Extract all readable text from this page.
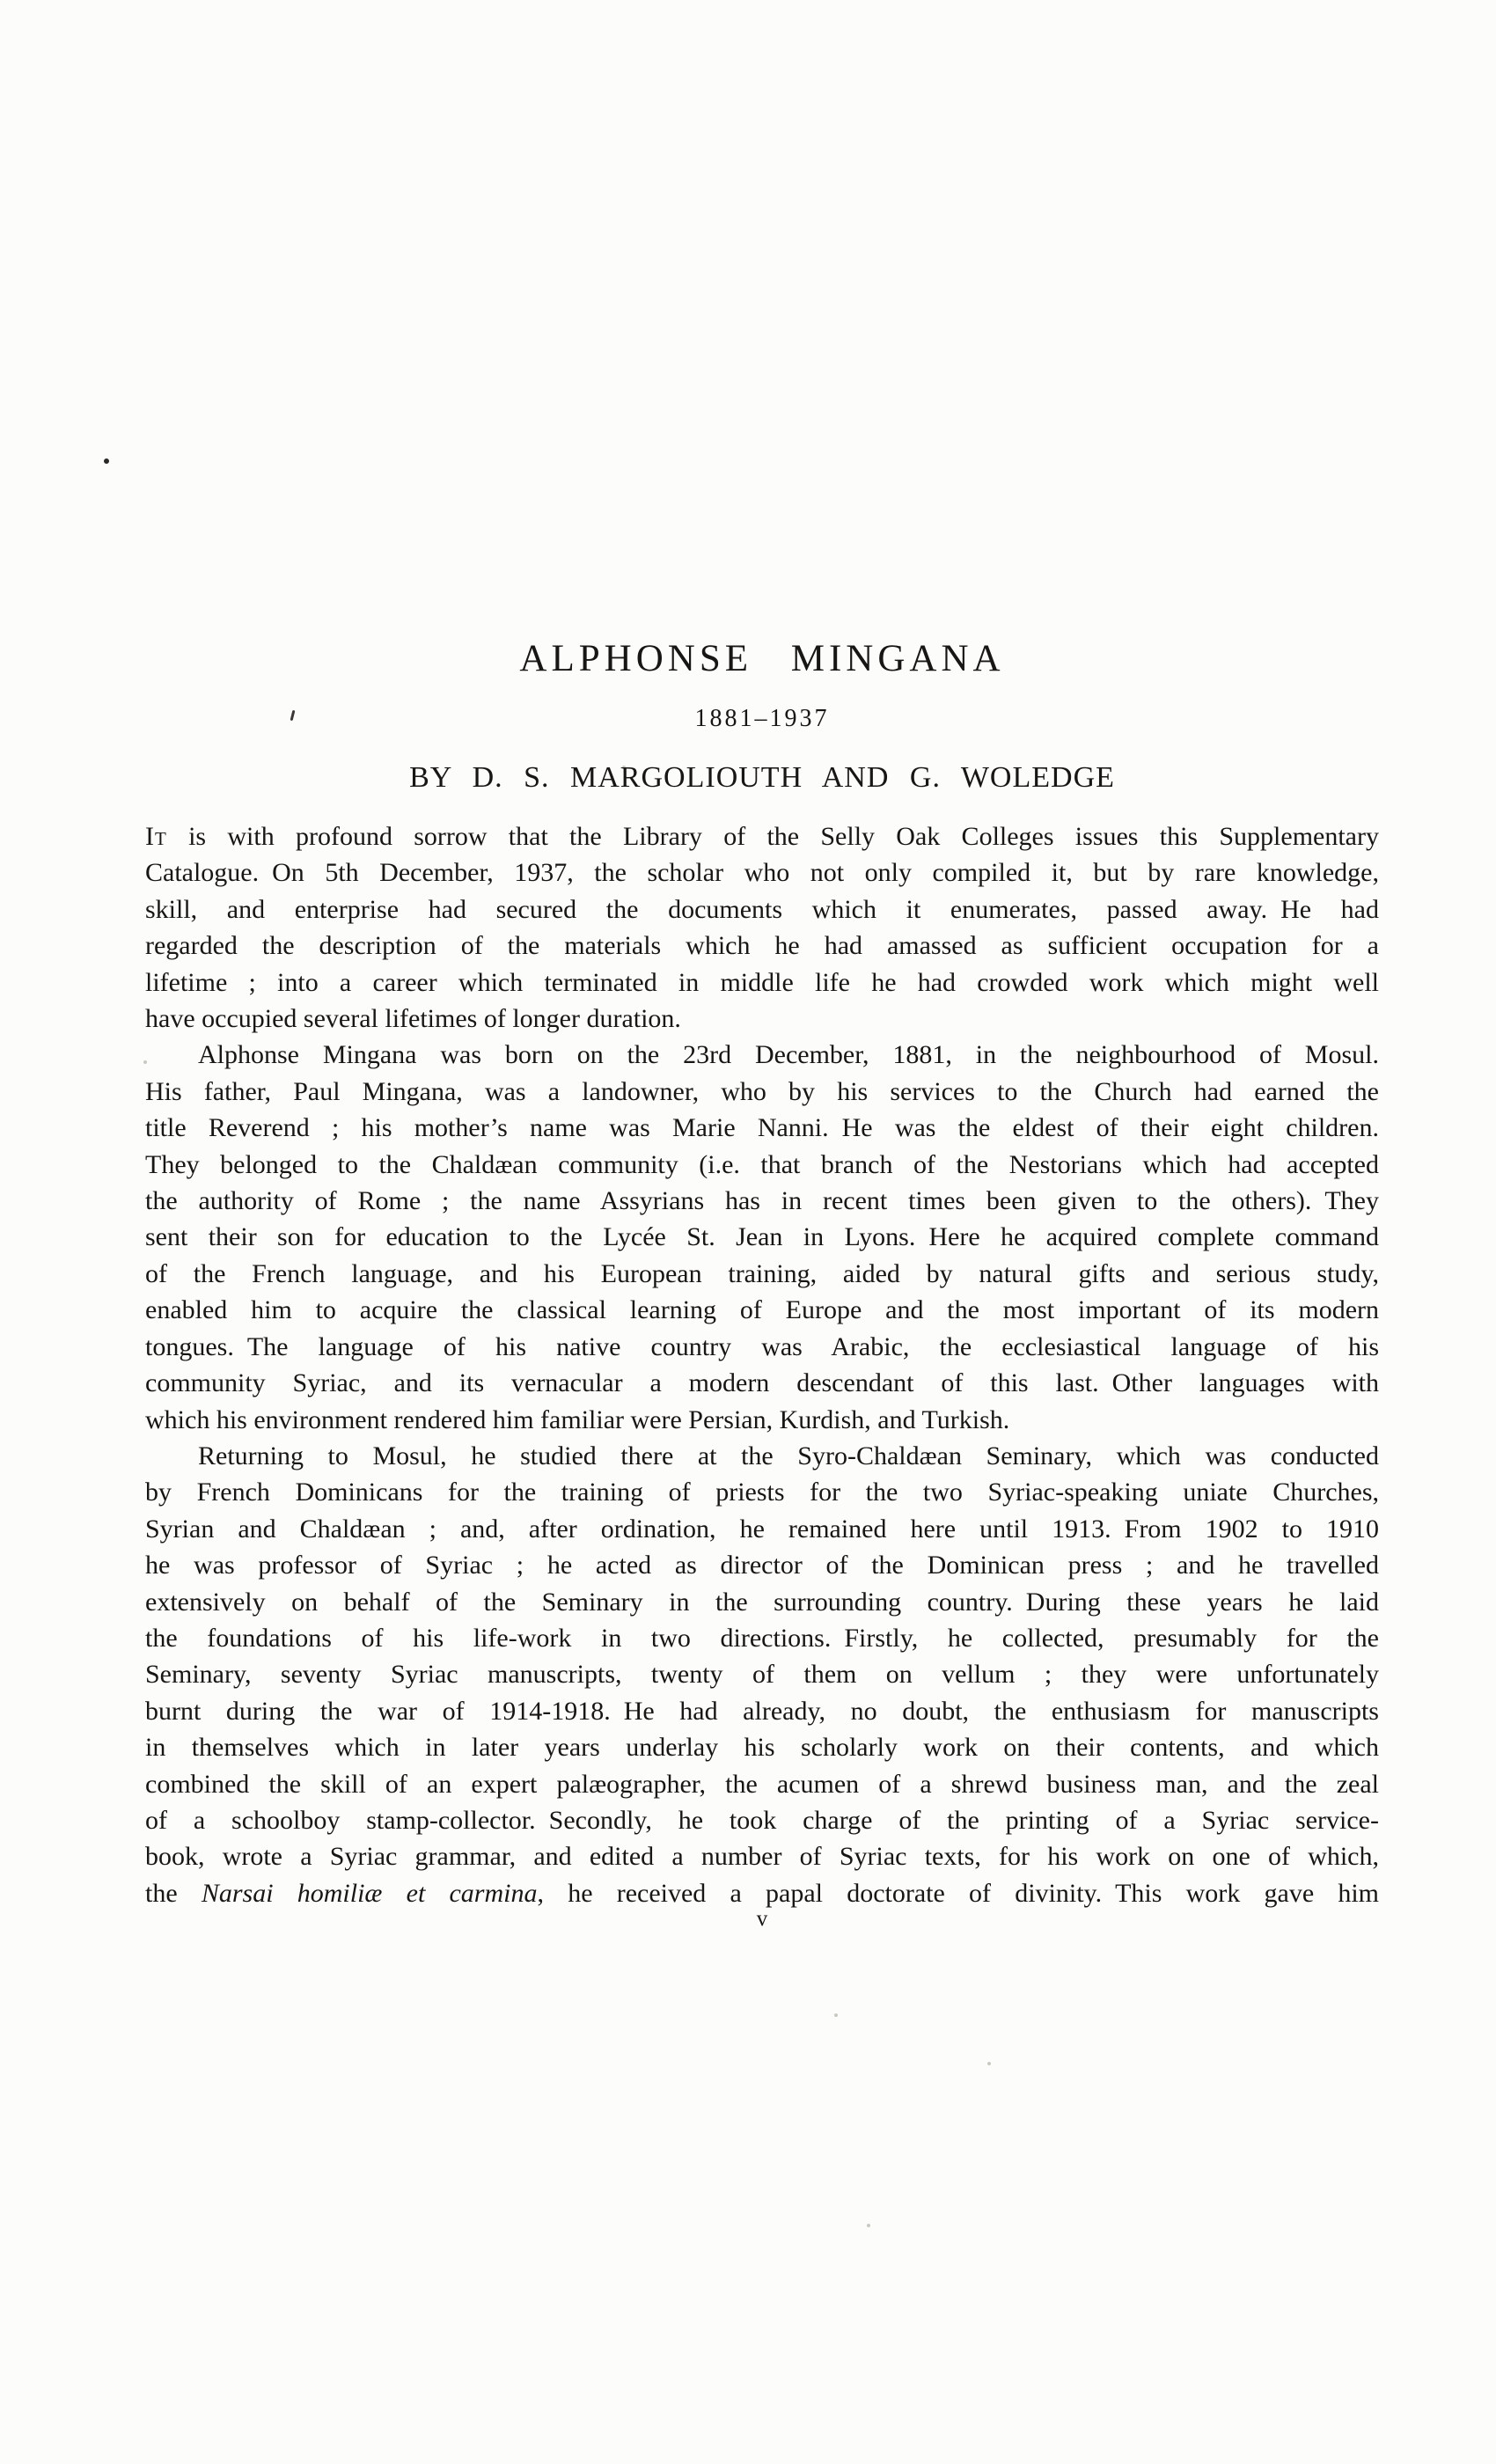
ALPHONSE MINGANA
1881–1937
BY D. S. MARGOLIOUTH AND G. WOLEDGE
It is with profound sorrow that the Library of the Selly Oak Colleges issues this Supplementary
Catalogue. On 5th December, 1937, the scholar who not only compiled it, but by rare knowledge,
skill, and enterprise had secured the documents which it enumerates, passed away. He had
regarded the description of the materials which he had amassed as sufficient occupation for a
lifetime ; into a career which terminated in middle life he had crowded work which might well
have occupied several lifetimes of longer duration.
Alphonse Mingana was born on the 23rd December, 1881, in the neighbourhood of Mosul.
His father, Paul Mingana, was a landowner, who by his services to the Church had earned the
title Reverend ; his mother’s name was Marie Nanni. He was the eldest of their eight children.
They belonged to the Chaldæan community (i.e. that branch of the Nestorians which had accepted
the authority of Rome ; the name Assyrians has in recent times been given to the others). They
sent their son for education to the Lycée St. Jean in Lyons. Here he acquired complete command
of the French language, and his European training, aided by natural gifts and serious study,
enabled him to acquire the classical learning of Europe and the most important of its modern
tongues. The language of his native country was Arabic, the ecclesiastical language of his
community Syriac, and its vernacular a modern descendant of this last. Other languages with
which his environment rendered him familiar were Persian, Kurdish, and Turkish.
Returning to Mosul, he studied there at the Syro-Chaldæan Seminary, which was conducted
by French Dominicans for the training of priests for the two Syriac-speaking uniate Churches,
Syrian and Chaldæan ; and, after ordination, he remained here until 1913. From 1902 to 1910
he was professor of Syriac ; he acted as director of the Dominican press ; and he travelled
extensively on behalf of the Seminary in the surrounding country. During these years he laid
the foundations of his life-work in two directions. Firstly, he collected, presumably for the
Seminary, seventy Syriac manuscripts, twenty of them on vellum ; they were unfortunately
burnt during the war of 1914-1918. He had already, no doubt, the enthusiasm for manuscripts
in themselves which in later years underlay his scholarly work on their contents, and which
combined the skill of an expert palæographer, the acumen of a shrewd business man, and the zeal
of a schoolboy stamp-collector. Secondly, he took charge of the printing of a Syriac service-
book, wrote a Syriac grammar, and edited a number of Syriac texts, for his work on one of which,
the Narsai homiliæ et carmina, he received a papal doctorate of divinity. This work gave him
v
